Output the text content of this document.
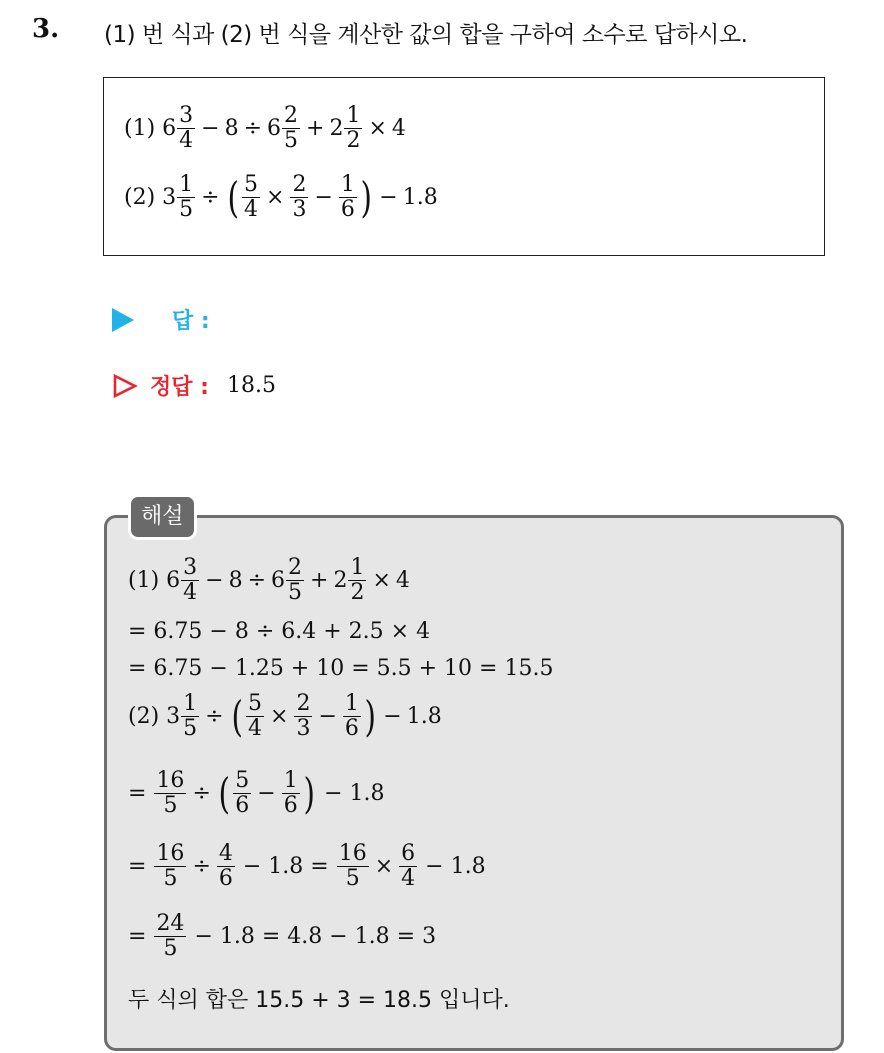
3. (1) 번 식과 (2) 번 식을 계산한 값의 합을 구하여 소수로 답하시오.
(1)
$6 \frac{3}{4} - 8 \div 6 \frac{2}{5} + 2 \frac{1}{2} \times 4$
(2)
$3 \frac{1}{5}$ ÷ ( $\frac{5}{4} \times \frac{2}{3} - \frac{1}{6}$ ) − 1.8
답 :
정답 : 18.5
해설
(1)
$6 \frac{3}{4} - 8 \div 6 \frac{2}{5} + 2 \frac{1}{2} \times 4$
= 6.75 − 8 ÷ 6.4 + 2.5 × 4
= 6.75 − 1.25 + 10 = 5.5 + 10 = 15.5
(2)
$3 \frac{1}{5}$ ÷ ( $\frac{5}{4} \times \frac{2}{3} - \frac{1}{6}$ ) − 1.8
=
$\frac{16}{5}$ ÷ ( $\frac{5}{6} - \frac{1}{6}$ )
− 1.8
=
$\frac{16}{5} \div \frac{4}{6}$
− 1.8 =
$\frac{16}{5} \times \frac{6}{4}$
− 1.8
=
$\frac{24}{5}$
− 1.8 = 4.8 − 1.8 = 3
두 식의 합은 15.5 + 3 = 18.5 입니다.
